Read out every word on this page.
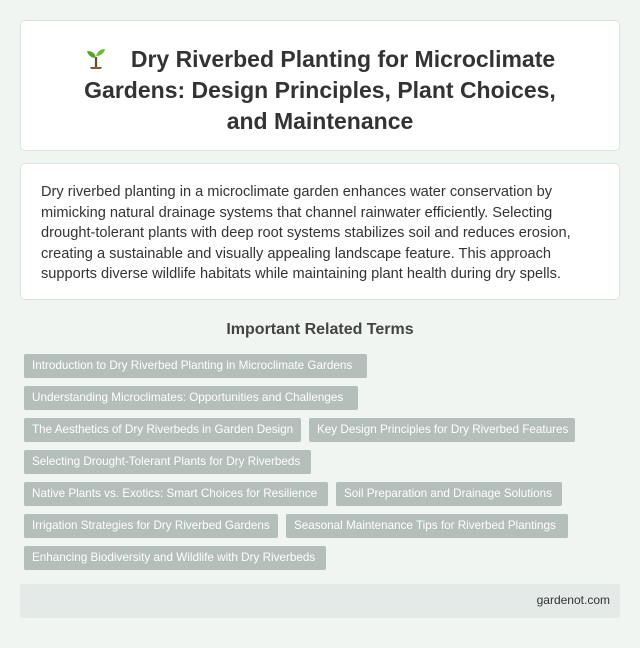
Dry Riverbed Planting for Microclimate Gardens: Design Principles, Plant Choices, and Maintenance

Dry riverbed planting in a microclimate garden enhances water conservation by mimicking natural drainage systems that channel rainwater efficiently. Selecting drought-tolerant plants with deep root systems stabilizes soil and reduces erosion, creating a sustainable and visually appealing landscape feature. This approach supports diverse wildlife habitats while maintaining plant health during dry spells.

Important Related Terms
Introduction to Dry Riverbed Planting in Microclimate Gardens
Understanding Microclimates: Opportunities and Challenges
The Aesthetics of Dry Riverbeds in Garden Design	Key Design Principles for Dry Riverbed Features
Selecting Drought-Tolerant Plants for Dry Riverbeds
Native Plants vs. Exotics: Smart Choices for Resilience	Soil Preparation and Drainage Solutions
Irrigation Strategies for Dry Riverbed Gardens	Seasonal Maintenance Tips for Riverbed Plantings
Enhancing Biodiversity and Wildlife with Dry Riverbeds
gardenot.com
